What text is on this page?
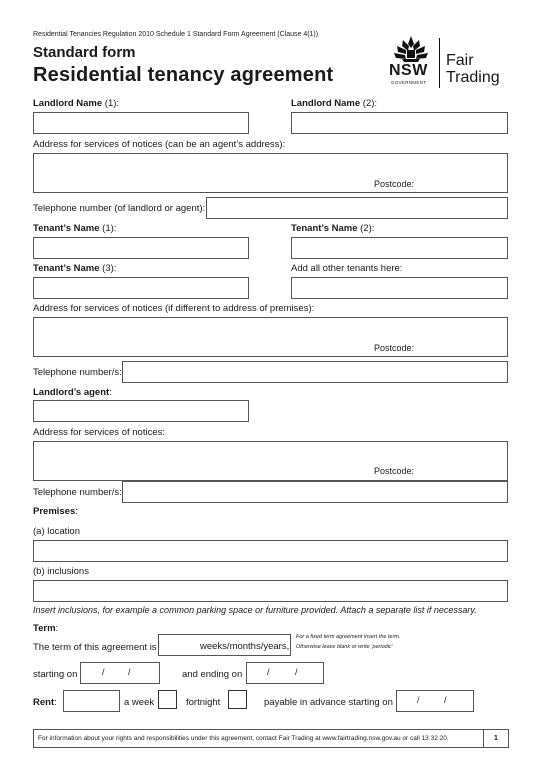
Residential Tenancies Regulation 2010 Schedule 1 Standard Form Agreement (Clause 4(1))
Standard form
Residential tenancy agreement	NSW
GOVERNMENT
Fair
Trading
Landlord Name (1):	Landlord Name (2):
Address for services of notices (can be an agent’s address):
Postcode:
Telephone number (of landlord or agent):
Tenant’s Name (1):	Tenant’s Name (2):
Tenant’s Name (3):	Add all other tenants here:
Address for services of notices (if different to address of premises):
Postcode:
Telephone number/s:
Landlord’s agent:
Address for services of notices:
Postcode:
Telephone number/s:
Premises:
(a) location
(b) inclusions
Insert inclusions, for example a common parking space or furniture provided. Attach a separate list if necessary.
Term:
The term of this agreement is	weeks/months/years,
For a fixed term agreement insert the term.
Otherwise leave blank or write ‘periodic’
starting on	/	/	and ending on	/	/
Rent:	a week	fortnight	payable in advance starting on	/	/
For information about your rights and responsibilities under this agreement, contact Fair Trading at www.fairtrading.nsw.gov.au or call 13 32 20.	1
